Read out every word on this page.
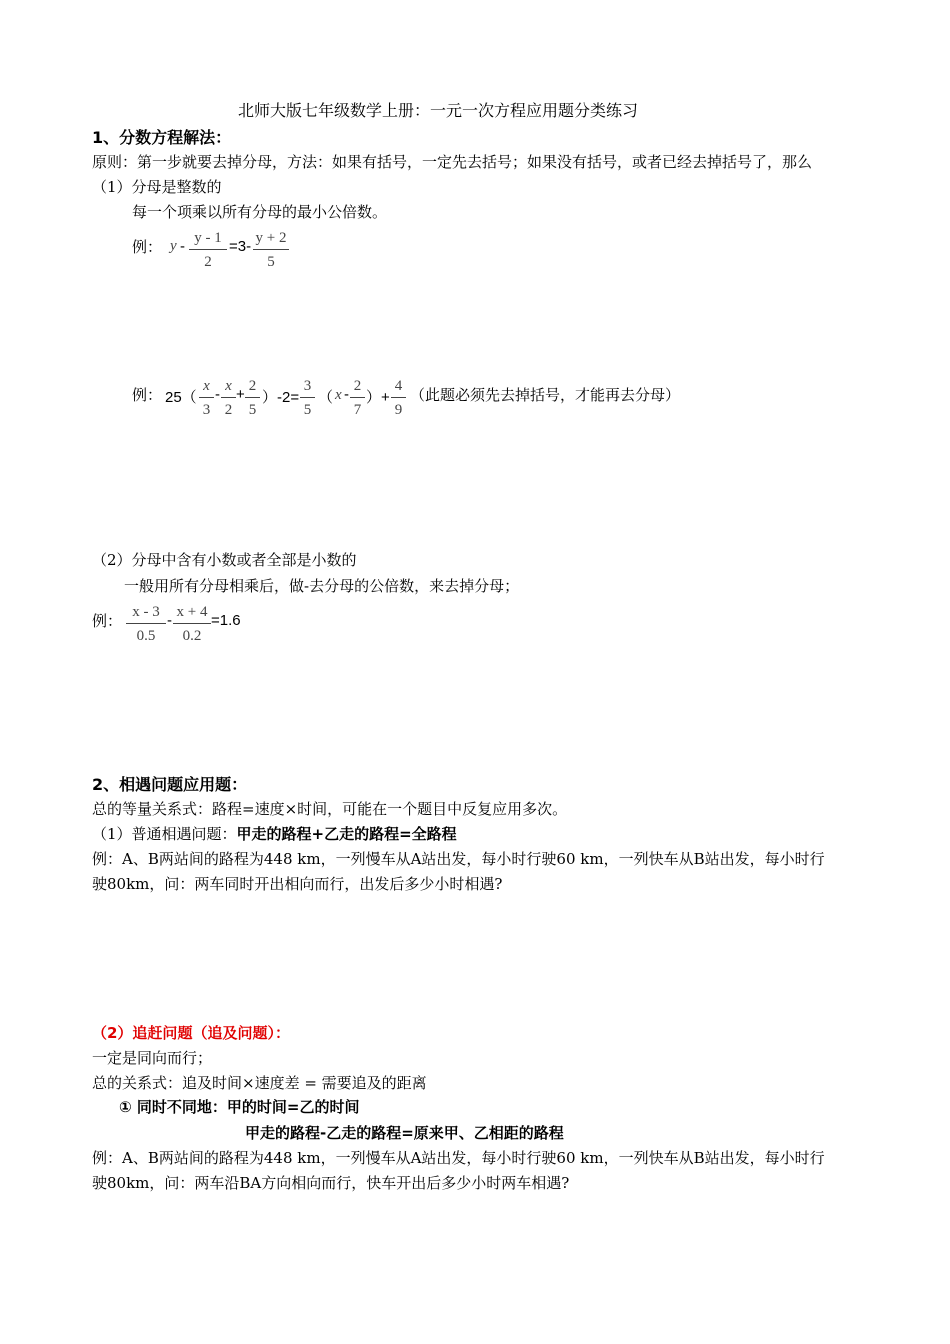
北师大版七年级数学上册：一元一次方程应用题分类练习
1、分数方程解法：
原则：第一步就要去掉分母，方法：如果有括号，一定先去括号；如果没有括号，或者已经去掉括号了，那么
（1）分母是整数的
每一个项乘以所有分母的最小公倍数。
例： $y - \frac{y - 1}{2} =3- \frac{y + 2}{5}$
例： $25( \frac{x}{3} - \frac{x}{2} + \frac{2}{5} )-2= \frac{3}{5}$ （ x - $\frac{2}{7}$ ）+ $\frac{4}{9}$ （此题必须先去掉括号，才能再去分母）
（2）分母中含有小数或者全部是小数的
一般用所有分母相乘后，做-去分母的公倍数，来去掉分母；
例： $\frac{x - 3}{0.5} - \frac{x + 4}{0.2} =1.6$
2、相遇问题应用题：
总的等量关系式：路程=速度×时间，可能在一个题目中反复应用多次。
（1）普通相遇问题：甲走的路程+乙走的路程=全路程
例：A、B两站间的路程为448 km，一列慢车从A站出发，每小时行驶60 km，一列快车从B站出发，每小时行
驶80km，问：两车同时开出相向而行，出发后多少小时相遇?
（2）追赶问题（追及问题）：
一定是同向而行；
总的关系式：追及时间×速度差 = 需要追及的距离
① 同时不同地：甲的时间=乙的时间
甲走的路程-乙走的路程=原来甲、乙相距的路程
例：A、B两站间的路程为448 km，一列慢车从A站出发，每小时行驶60 km，一列快车从B站出发，每小时行
驶80km，问：两车沿BA方向相向而行，快车开出后多少小时两车相遇?
